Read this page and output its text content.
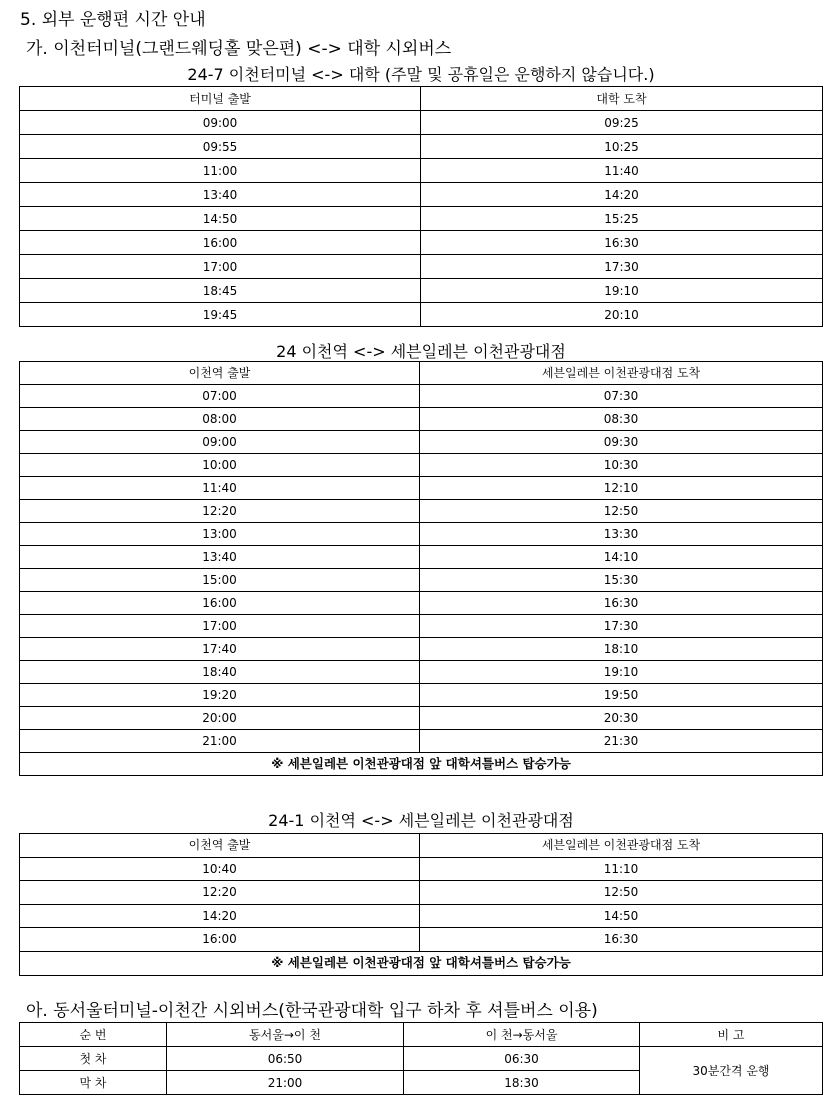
5. 외부 운행편 시간 안내
가. 이천터미널(그랜드웨딩홀 맞은편) <-> 대학 시외버스
24-7 이천터미널 <-> 대학 (주말 및 공휴일은 운행하지 않습니다.)
터미널 출발	대학 도착
09:00	09:25
09:55	10:25
11:00	11:40
13:40	14:20
14:50	15:25
16:00	16:30
17:00	17:30
18:45	19:10
19:45	20:10
24 이천역 <-> 세븐일레븐 이천관광대점
이천역 출발	세븐일레븐 이천관광대점 도착
07:00	07:30
08:00	08:30
09:00	09:30
10:00	10:30
11:40	12:10
12:20	12:50
13:00	13:30
13:40	14:10
15:00	15:30
16:00	16:30
17:00	17:30
17:40	18:10
18:40	19:10
19:20	19:50
20:00	20:30
21:00	21:30
※ 세븐일레븐 이천관광대점 앞 대학셔틀버스 탑승가능	
24-1 이천역 <-> 세븐일레븐 이천관광대점
이천역 출발	세븐일레븐 이천관광대점 도착
10:40	11:10
12:20	12:50
14:20	14:50
16:00	16:30
※ 세븐일레븐 이천관광대점 앞 대학셔틀버스 탑승가능	
아. 동서울터미널-이천간 시외버스(한국관광대학 입구 하차 후 셔틀버스 이용)
순 번	동서울→이 천	이 천→동서울	비 고
첫 차	06:50	06:30	30분간격 운행
막 차	21:00	18:30	
